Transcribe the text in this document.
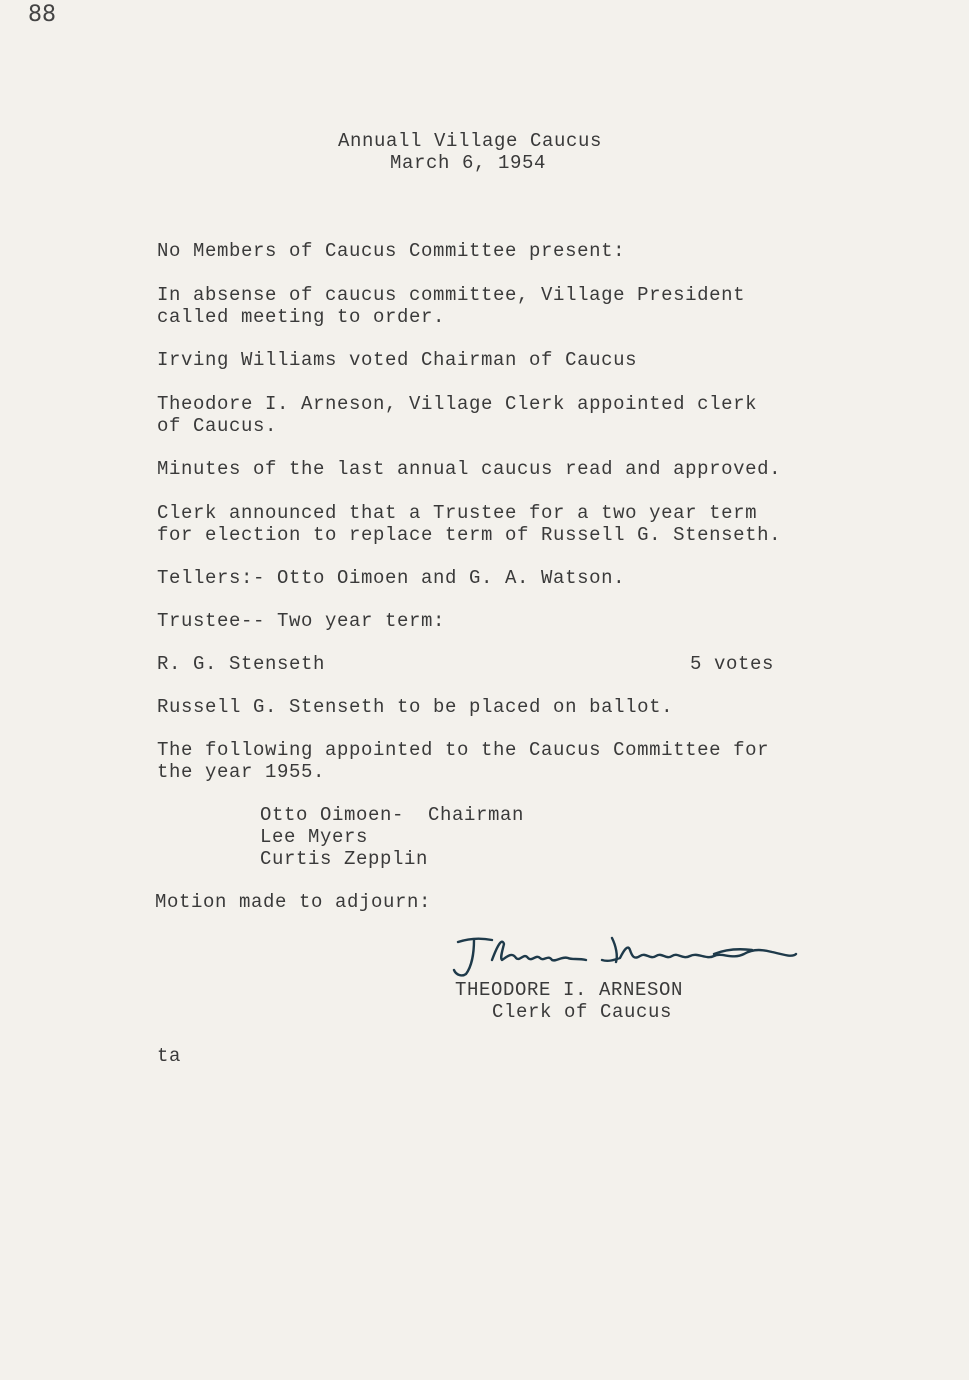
88
Annuall Village Caucus
March 6, 1954
No Members of Caucus Committee present:
In absense of caucus committee, Village President
called meeting to order.
Irving Williams voted Chairman of Caucus
Theodore I. Arneson, Village Clerk appointed clerk
of Caucus.
Minutes of the last annual caucus read and approved.
Clerk announced that a Trustee for a two year term
for election to replace term of Russell G. Stenseth.
Tellers:- Otto Oimoen and G. A. Watson.
Trustee-- Two year term:
R. G. Stenseth	5 votes
Russell G. Stenseth to be placed on ballot.
The following appointed to the Caucus Committee for
the year 1955.
Otto Oimoen-  Chairman
Lee Myers
Curtis Zepplin
Motion made to adjourn:
THEODORE I. ARNESON
Clerk of Caucus
ta
